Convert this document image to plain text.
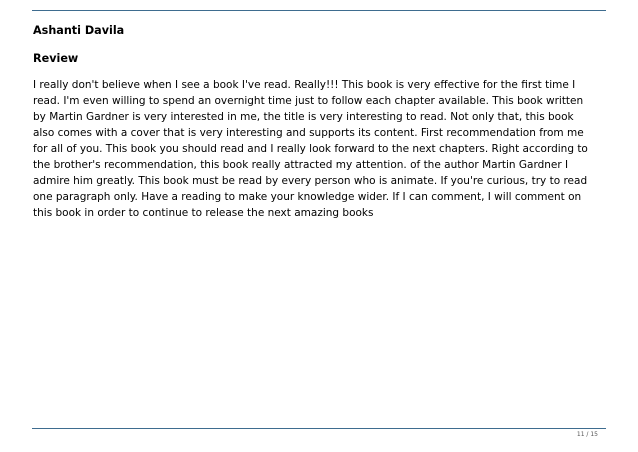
Ashanti Davila
Review
I really don't believe when I see a book I've read. Really!!! This book is very effective for the first time I
read. I'm even willing to spend an overnight time just to follow each chapter available. This book written
by Martin Gardner is very interested in me, the title is very interesting to read. Not only that, this book
also comes with a cover that is very interesting and supports its content. First recommendation from me
for all of you. This book you should read and I really look forward to the next chapters. Right according to
the brother's recommendation, this book really attracted my attention. of the author Martin Gardner I
admire him greatly. This book must be read by every person who is animate. If you're curious, try to read
one paragraph only. Have a reading to make your knowledge wider. If I can comment, I will comment on
this book in order to continue to release the next amazing books
11 / 15
